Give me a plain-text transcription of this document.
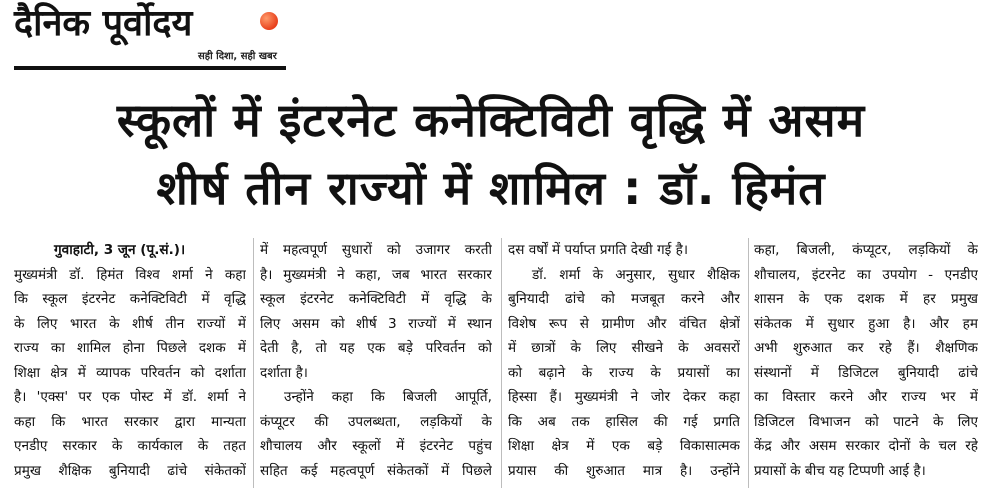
दैनिक पूर्वोदय
सही दिशा, सही खबर
स्कूलों में इंटरनेट कनेक्टिविटी वृद्धि में असम
शीर्ष तीन राज्यों में शामिल : डॉ. हिमंत
गुवाहाटी, 3 जून (पू.सं.)।
मुख्यमंत्री डॉ. हिमंत विश्व शर्मा ने कहा
कि स्कूल इंटरनेट कनेक्टिविटी में वृद्धि
के लिए भारत के शीर्ष तीन राज्यों में
राज्य का शामिल होना पिछले दशक में
शिक्षा क्षेत्र में व्यापक परिवर्तन को दर्शाता
है। 'एक्स' पर एक पोस्ट में डॉ. शर्मा ने
कहा कि भारत सरकार द्वारा मान्यता
एनडीए सरकार के कार्यकाल के तहत
प्रमुख शैक्षिक बुनियादी ढांचे संकेतकों
में महत्वपूर्ण सुधारों को उजागर करती
है। मुख्यमंत्री ने कहा, जब भारत सरकार
स्कूल इंटरनेट कनेक्टिविटी में वृद्धि के
लिए असम को शीर्ष 3 राज्यों में स्थान
देती है, तो यह एक बड़े परिवर्तन को
दर्शाता है।
उन्होंने कहा कि बिजली आपूर्ति,
कंप्यूटर की उपलब्धता, लड़कियों के
शौचालय और स्कूलों में इंटरनेट पहुंच
सहित कई महत्वपूर्ण संकेतकों में पिछले
दस वर्षों में पर्याप्त प्रगति देखी गई है।
डॉ. शर्मा के अनुसार, सुधार शैक्षिक
बुनियादी ढांचे को मजबूत करने और
विशेष रूप से ग्रामीण और वंचित क्षेत्रों
में छात्रों के लिए सीखने के अवसरों
को बढ़ाने के राज्य के प्रयासों का
हिस्सा हैं। मुख्यमंत्री ने जोर देकर कहा
कि अब तक हासिल की गई प्रगति
शिक्षा क्षेत्र में एक बड़े विकासात्मक
प्रयास की शुरुआत मात्र है। उन्होंने
कहा, बिजली, कंप्यूटर, लड़कियों के
शौचालय, इंटरनेट का उपयोग - एनडीए
शासन के एक दशक में हर प्रमुख
संकेतक में सुधार हुआ है। और हम
अभी शुरुआत कर रहे हैं। शैक्षणिक
संस्थानों में डिजिटल बुनियादी ढांचे
का विस्तार करने और राज्य भर में
डिजिटल विभाजन को पाटने के लिए
केंद्र और असम सरकार दोनों के चल रहे
प्रयासों के बीच यह टिप्पणी आई है।
